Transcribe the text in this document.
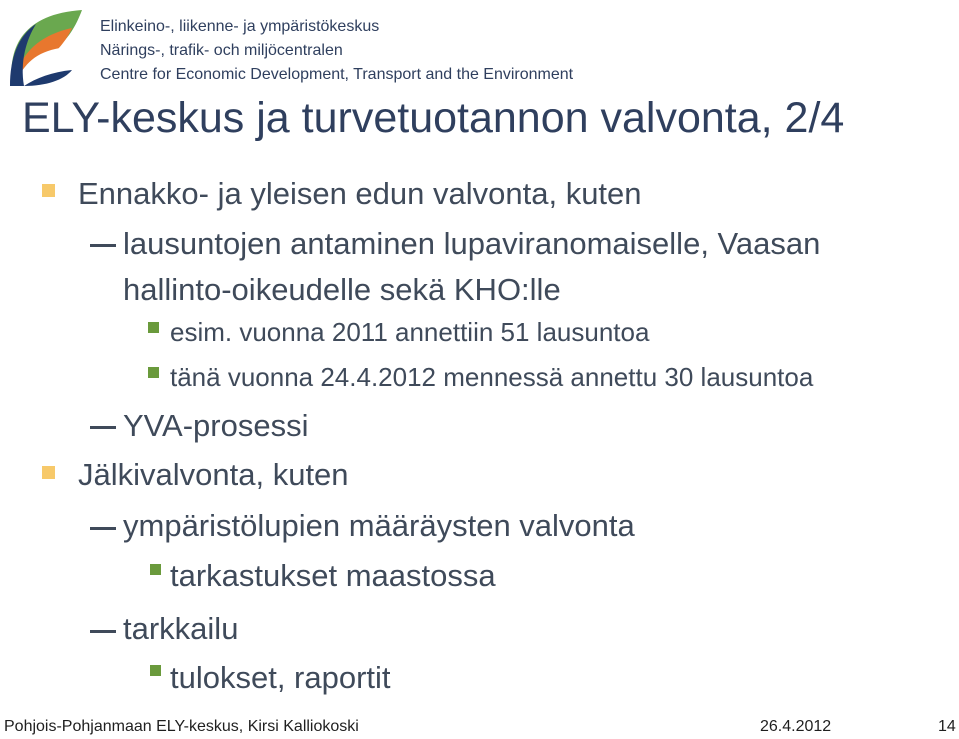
Elinkeino-, liikenne- ja ympäristökeskus
Närings-, trafik- och miljöcentralen
Centre for Economic Development, Transport and the Environment
ELY-keskus ja turvetuotannon valvonta, 2/4
Ennakko- ja yleisen edun valvonta, kuten
lausuntojen antaminen lupaviranomaiselle, Vaasan
hallinto-oikeudelle sekä KHO:lle
esim. vuonna 2011 annettiin 51 lausuntoa
tänä vuonna 24.4.2012 mennessä annettu 30 lausuntoa
YVA-prosessi
Jälkivalvonta, kuten
ympäristölupien määräysten valvonta
tarkastukset maastossa
tarkkailu
tulokset, raportit
Pohjois-Pohjanmaan ELY-keskus, Kirsi Kalliokoski	26.4.2012	14
